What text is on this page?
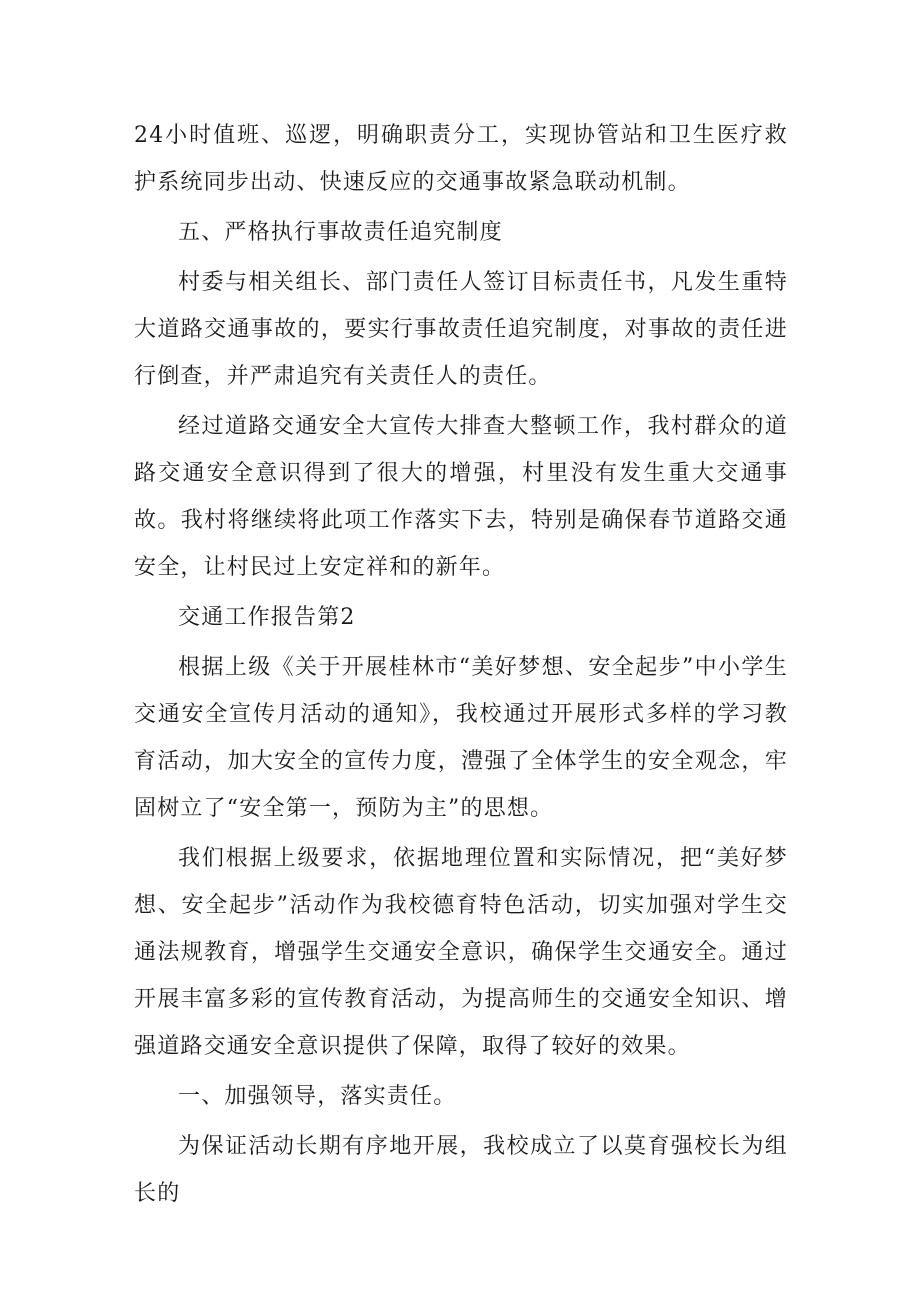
24小时值班、巡逻，明确职责分工，实现协管站和卫生医疗救护系统同步出动、快速反应的交通事故紧急联动机制。

五、严格执行事故责任追究制度

村委与相关组长、部门责任人签订目标责任书，凡发生重特大道路交通事故的，要实行事故责任追究制度，对事故的责任进行倒查，并严肃追究有关责任人的责任。

经过道路交通安全大宣传大排查大整顿工作，我村群众的道路交通安全意识得到了很大的增强，村里没有发生重大交通事故。我村将继续将此项工作落实下去，特别是确保春节道路交通安全，让村民过上安定祥和的新年。

交通工作报告第2

根据上级《关于开展桂林市“美好梦想、安全起步”中小学生交通安全宣传月活动的通知》，我校通过开展形式多样的学习教育活动，加大安全的宣传力度，澧强了全体学生的安全观念，牢固树立了“安全第一，预防为主”的思想。

我们根据上级要求，依据地理位置和实际情况，把“美好梦想、安全起步”活动作为我校德育特色活动，切实加强对学生交通法规教育，增强学生交通安全意识，确保学生交通安全。通过开展丰富多彩的宣传教育活动，为提高师生的交通安全知识、增强道路交通安全意识提供了保障，取得了较好的效果。

一、加强领导，落实责任。

为保证活动长期有序地开展，我校成立了以莫育强校长为组长的
